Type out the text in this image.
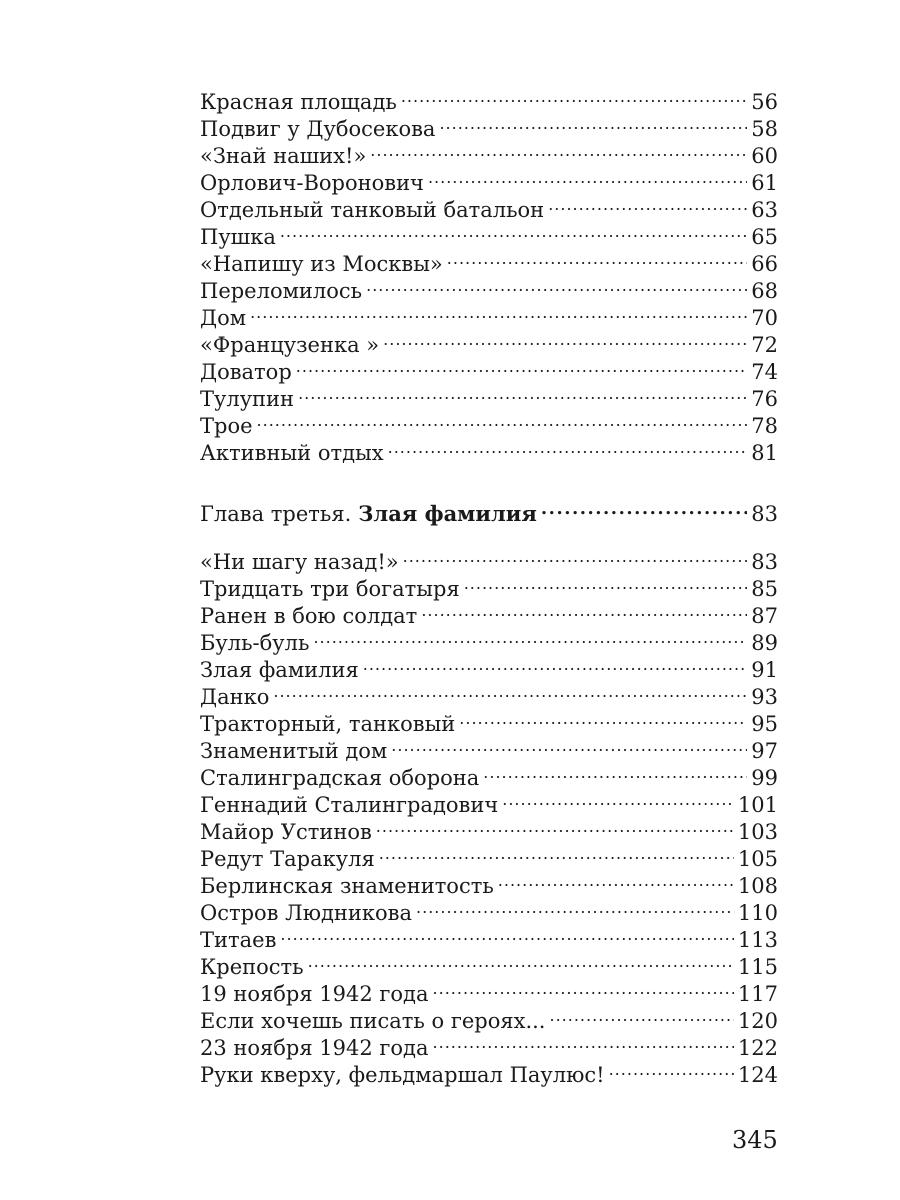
Красная площадь .....	56
Подвиг у Дубосекова .....	58
«Знай наших!» .....	60
Орлович-Воронович .....	61
Отдельный танковый батальон .....	63
Пушка .....	65
«Напишу из Москвы» .....	66
Переломилось .....	68
Дом .....	70
«Французенка » .....	72
Доватор .....	74
Тулупин .....	76
Трое .....	78
Активный отдых .....	81
Глава третья. Злая фамилия .....	83
«Ни шагу назад!» .....	83
Тридцать три богатыря .....	85
Ранен в бою солдат .....	87
Буль-буль .....	89
Злая фамилия .....	91
Данко .....	93
Тракторный, танковый .....	95
Знаменитый дом .....	97
Сталинградская оборона .....	99
Геннадий Сталинградович .....	101
Майор Устинов .....	103
Редут Таракуля .....	105
Берлинская знаменитость .....	108
Остров Людникова .....	110
Титаев .....	113
Крепость .....	115
19 ноября 1942 года .....	117
Если хочешь писать о героях... .....	120
23 ноября 1942 года .....	122
Руки кверху, фельдмаршал Паулюс! .....	124
345
